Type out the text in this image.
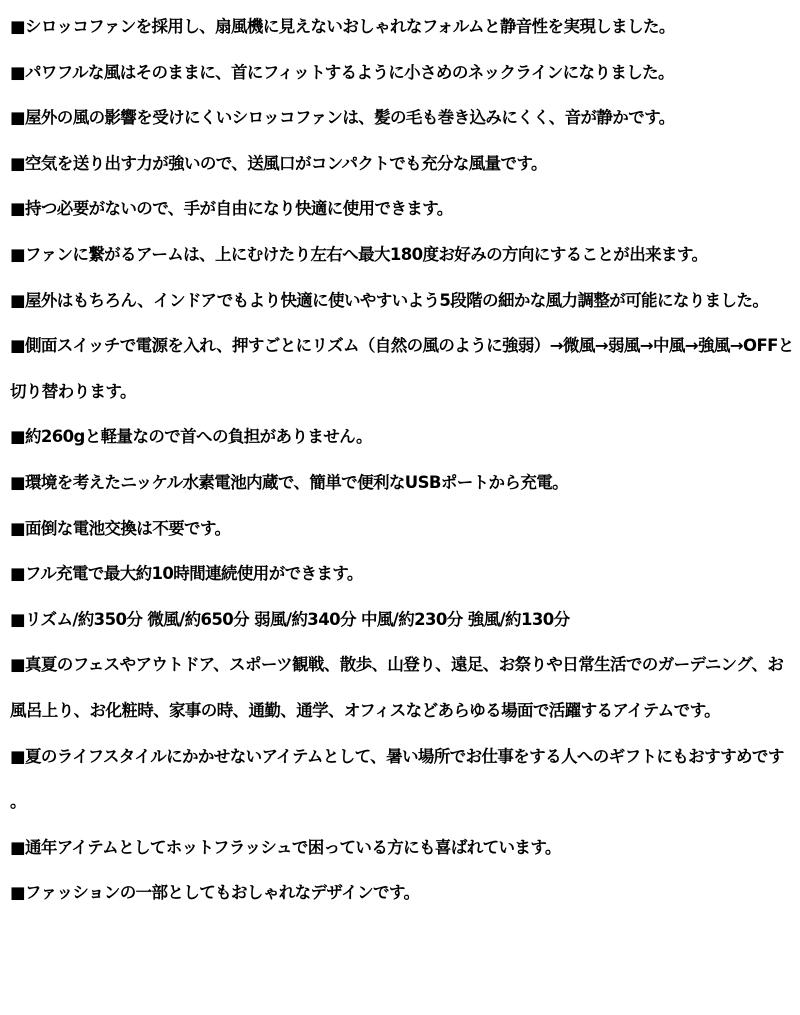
■シロッコファンを採用し、扇風機に見えないおしゃれなフォルムと静音性を実現しました。
■パワフルな風はそのままに、首にフィットするように小さめのネックラインになりました。
■屋外の風の影響を受けにくいシロッコファンは、髪の毛も巻き込みにくく、音が静かです。
■空気を送り出す力が強いので、送風口がコンパクトでも充分な風量です。
■持つ必要がないので、手が自由になり快適に使用できます。
■ファンに繋がるアームは、上にむけたり左右へ最大180度お好みの方向にすることが出来ます。
■屋外はもちろん、インドアでもより快適に使いやすいよう5段階の細かな風力調整が可能になりました。
■側面スイッチで電源を入れ、押すごとにリズム（自然の風のように強弱）→微風→弱風→中風→強風→OFFと切り替わります。
■約260gと軽量なので首への負担がありません。
■環境を考えたニッケル水素電池内蔵で、簡単で便利なUSBポートから充電。
■面倒な電池交換は不要です。
■フル充電で最大約10時間連続使用ができます。
■リズム/約350分 微風/約650分 弱風/約340分 中風/約230分 強風/約130分
■真夏のフェスやアウトドア、スポーツ観戦、散歩、山登り、遠足、お祭りや日常生活でのガーデニング、お風呂上り、お化粧時、家事の時、通勤、通学、オフィスなどあらゆる場面で活躍するアイテムです。
■夏のライフスタイルにかかせないアイテムとして、暑い場所でお仕事をする人へのギフトにもおすすめです。
■通年アイテムとしてホットフラッシュで困っている方にも喜ばれています。
■ファッションの一部としてもおしゃれなデザインです。
